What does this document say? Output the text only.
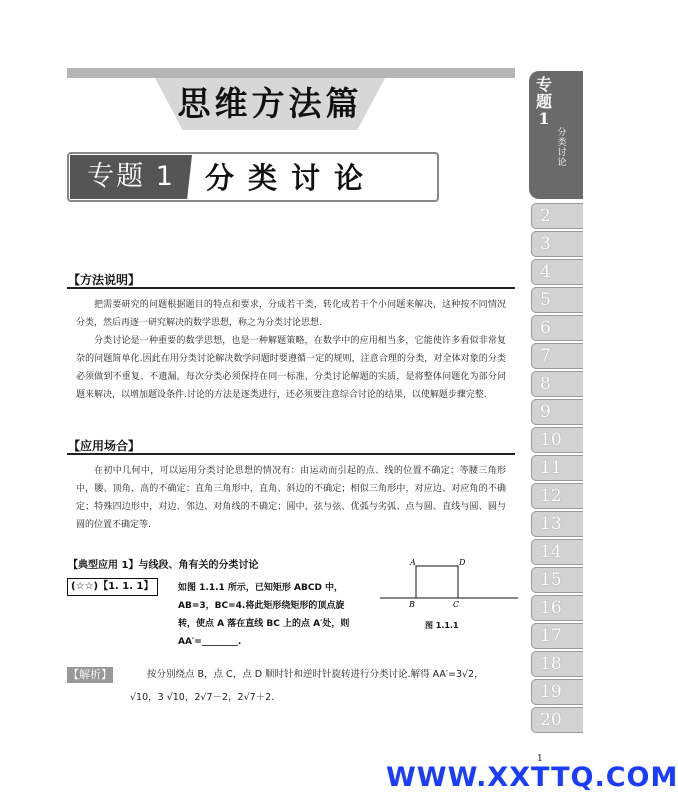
思维方法篇
专题 1	分类讨论
专
题
1
分类讨论
2
3
4
5
6
7
8
9
10
11
12
13
14
15
16
17
18
19
20
【方法说明】

把需要研究的问题根据题目的特点和要求，分成若干类，转化成若干个小问题来解决，这种按不同情况分类，然后再逐一研究解决的数学思想，称之为分类讨论思想.

分类讨论是一种重要的数学思想，也是一种解题策略，在数学中的应用相当多，它能使许多看似非常复杂的问题简单化.因此在用分类讨论解决数学问题时要遵循一定的规则，注意合理的分类，对全体对象的分类必须做到不重复、不遗漏，每次分类必须保持在同一标准，分类讨论解题的实质，是将整体问题化为部分问题来解决，以增加题设条件.讨论的方法是逐类进行，还必须要注意综合讨论的结果，以使解题步骤完整.

【应用场合】

在初中几何中，可以运用分类讨论思想的情况有：由运动而引起的点、线的位置不确定；等腰三角形中，腰、顶角、高的不确定；直角三角形中，直角、斜边的不确定；相似三角形中，对应边、对应角的不确定；特殊四边形中，对边、邻边、对角线的不确定；圆中，弦与弦、优弧与劣弧、点与圆、直线与圆、圆与圆的位置不确定等.

【典型应用 1】与线段、角有关的分类讨论
(☆☆)【1. 1. 1】	如图 1.1.1 所示，已知矩形 ABCD 中，
AB=3，BC=4.将此矩形绕矩形的顶点旋
转，使点 A 落在直线 BC 上的点 A′处，则
AA′=________.
A	D
B	C
图 1.1.1
【解析】	按分别绕点 B，点 C，点 D 顺时针和逆时针旋转进行分类讨论.解得 AA′=3√2，
√10，3 √10，2√7－2，2√7＋2.
1
WWW.XXTTQ.COM
